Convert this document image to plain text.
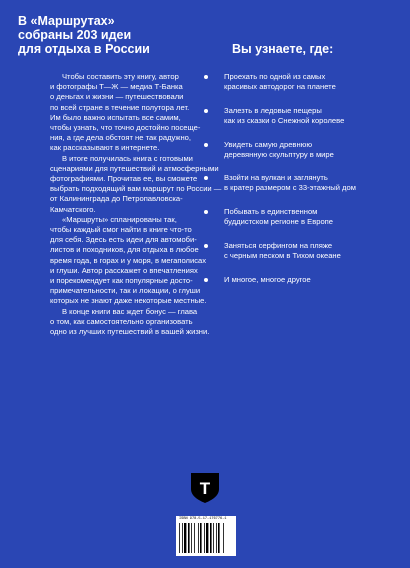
В «Маршрутах»
собраны 203 идеи
для отдыха в России	Вы узнаете, где:

Чтобы составить эту книгу, автор
и фотографы Т—Ж — медиа Т-Банка
о деньгах и жизни — путешествовали
по всей стране в течение полутора лет.
Им было важно испытать все самим,
чтобы узнать, что точно достойно посеще-
ния, а где дела обстоят не так радужно,
как рассказывают в интернете.

В итоге получилась книга с готовыми
сценариями для путешествий и атмосферными
фотографиями. Прочитав ее, вы сможете
выбрать подходящий вам маршрут по России —
от Калининграда до Петропавловска-
Камчатского.

«Маршруты» спланированы так,
чтобы каждый смог найти в книге что-то
для себя. Здесь есть идеи для автомоби-
листов и походников, для отдыха в любое
время года, в горах и у моря, в мегаполисах
и глуши. Автор расскажет о впечатлениях
и порекомендует как популярные досто-
примечательности, так и локации, о глуши
которых не знают даже некоторые местные.

В конце книги вас ждет бонус — глава
о том, как самостоятельно организовать
одно из лучших путешествий в вашей жизни.

Проехать по одной из самых
красивых автодорог на планете
Залезть в ледовые пещеры
как из сказки о Снежной королеве
Увидеть самую древнюю
деревянную скульптуру в мире
Взойти на вулкан и заглянуть
в кратер размером с 33-этажный дом
Побывать в единственном
буддистском регионе в Европе
Заняться серфингом на пляже
с черным песком в Тихом океане
И многое, многое другое
Т
ISBN 978-5-17-176776-1
